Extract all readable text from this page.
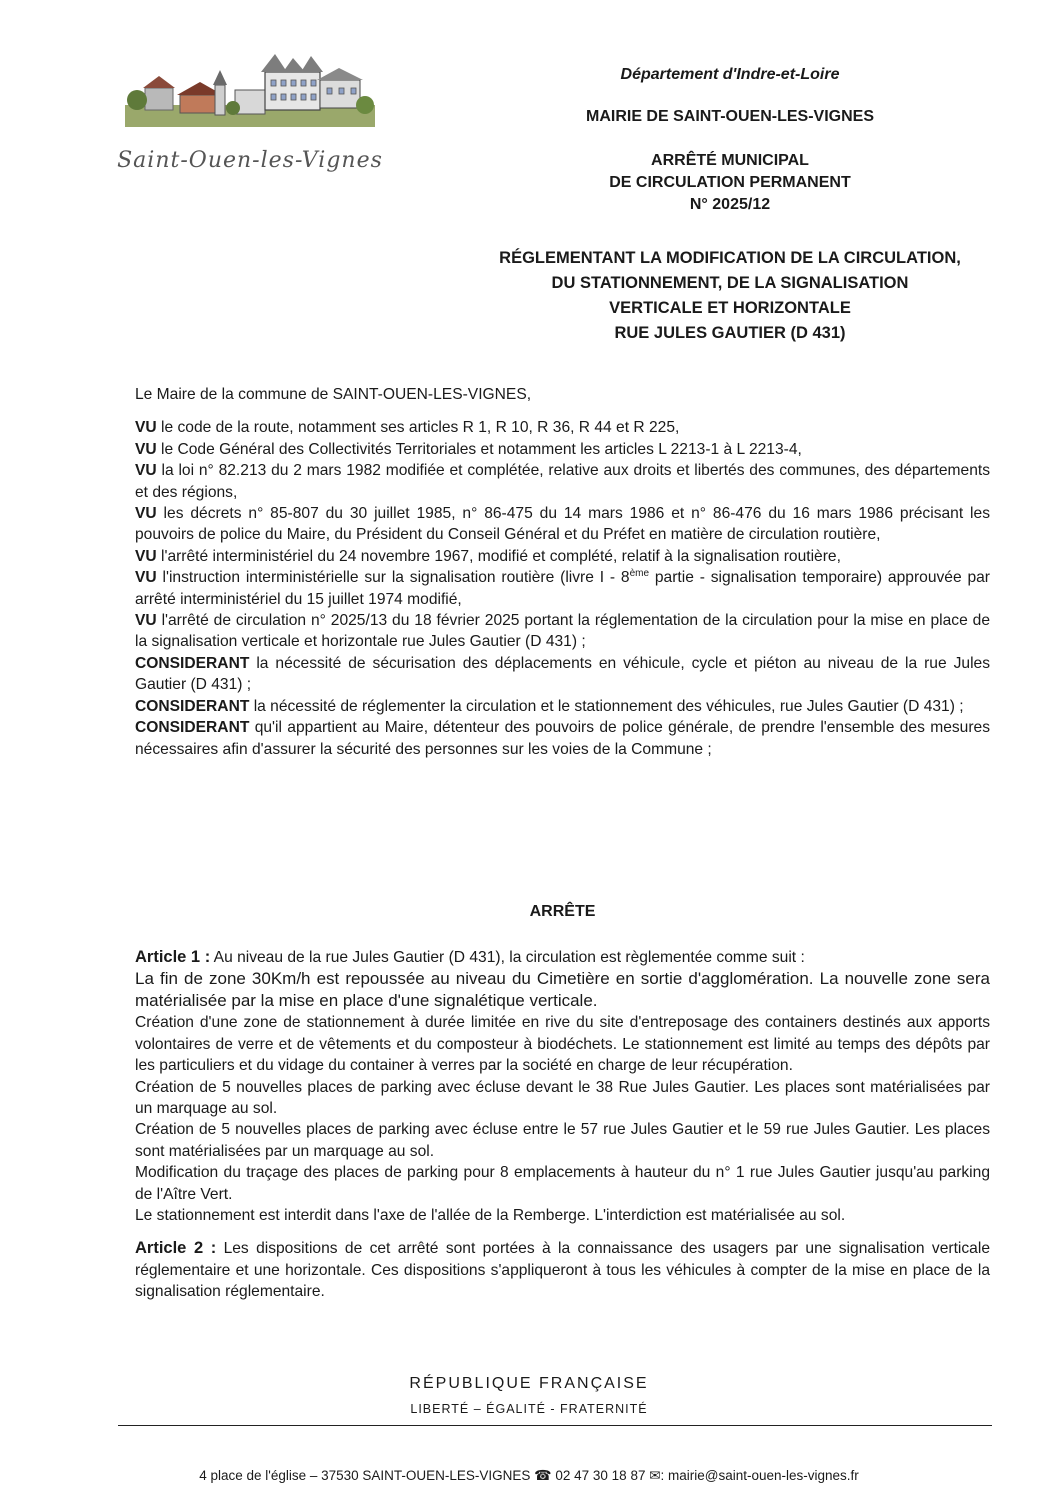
Saint-Ouen-les-Vignes
Département d'Indre-et-Loire
MAIRIE DE SAINT-OUEN-LES-VIGNES
ARRÊTÉ MUNICIPAL
DE CIRCULATION PERMANENT
N° 2025/12
RÉGLEMENTANT LA MODIFICATION DE LA CIRCULATION,
DU STATIONNEMENT, DE LA SIGNALISATION
VERTICALE ET HORIZONTALE
RUE JULES GAUTIER (D 431)

Le Maire de la commune de SAINT-OUEN-LES-VIGNES,

VU le code de la route, notamment ses articles R 1, R 10, R 36, R 44 et R 225,

VU le Code Général des Collectivités Territoriales et notamment les articles L 2213-1 à L 2213-4,

VU la loi n° 82.213 du 2 mars 1982 modifiée et complétée, relative aux droits et libertés des communes, des départements et des régions,

VU les décrets n° 85-807 du 30 juillet 1985, n° 86-475 du 14 mars 1986 et n° 86-476 du 16 mars 1986 précisant les pouvoirs de police du Maire, du Président du Conseil Général et du Préfet en matière de circulation routière,

VU l'arrêté interministériel du 24 novembre 1967, modifié et complété, relatif à la signalisation routière,

VU l'instruction interministérielle sur la signalisation routière (livre I - 8ème partie - signalisation temporaire) approuvée par arrêté interministériel du 15 juillet 1974 modifié,

VU l'arrêté de circulation n° 2025/13 du 18 février 2025 portant la réglementation de la circulation pour la mise en place de la signalisation verticale et horizontale rue Jules Gautier (D 431) ;

CONSIDERANT la nécessité de sécurisation des déplacements en véhicule, cycle et piéton au niveau de la rue Jules Gautier (D 431) ;

CONSIDERANT la nécessité de réglementer la circulation et le stationnement des véhicules, rue Jules Gautier (D 431) ;

CONSIDERANT qu'il appartient au Maire, détenteur des pouvoirs de police générale, de prendre l'ensemble des mesures nécessaires afin d'assurer la sécurité des personnes sur les voies de la Commune ;

ARRÊTE

Article 1 : Au niveau de la rue Jules Gautier (D 431), la circulation est règlementée comme suit :

La fin de zone 30Km/h est repoussée au niveau du Cimetière en sortie d'agglomération. La nouvelle zone sera matérialisée par la mise en place d'une signalétique verticale.

Création d'une zone de stationnement à durée limitée en rive du site d'entreposage des containers destinés aux apports volontaires de verre et de vêtements et du composteur à biodéchets. Le stationnement est limité au temps des dépôts par les particuliers et du vidage du container à verres par la société en charge de leur récupération.

Création de 5 nouvelles places de parking avec écluse devant le 38 Rue Jules Gautier. Les places sont matérialisées par un marquage au sol.

Création de 5 nouvelles places de parking avec écluse entre le 57 rue Jules Gautier et le 59 rue Jules Gautier. Les places sont matérialisées par un marquage au sol.

Modification du traçage des places de parking pour 8 emplacements à hauteur du n° 1 rue Jules Gautier jusqu'au parking de l'Aître Vert.

Le stationnement est interdit dans l'axe de l'allée de la Remberge. L'interdiction est matérialisée au sol.

Article 2 : Les dispositions de cet arrêté sont portées à la connaissance des usagers par une signalisation verticale réglementaire et une horizontale. Ces dispositions s'appliqueront à tous les véhicules à compter de la mise en place de la signalisation réglementaire.

RÉPUBLIQUE FRANÇAISE
LIBERTÉ – ÉGALITÉ - FRATERNITÉ
4 place de l'église – 37530 SAINT-OUEN-LES-VIGNES ☎ 02 47 30 18 87 ✉: mairie@saint-ouen-les-vignes.fr
